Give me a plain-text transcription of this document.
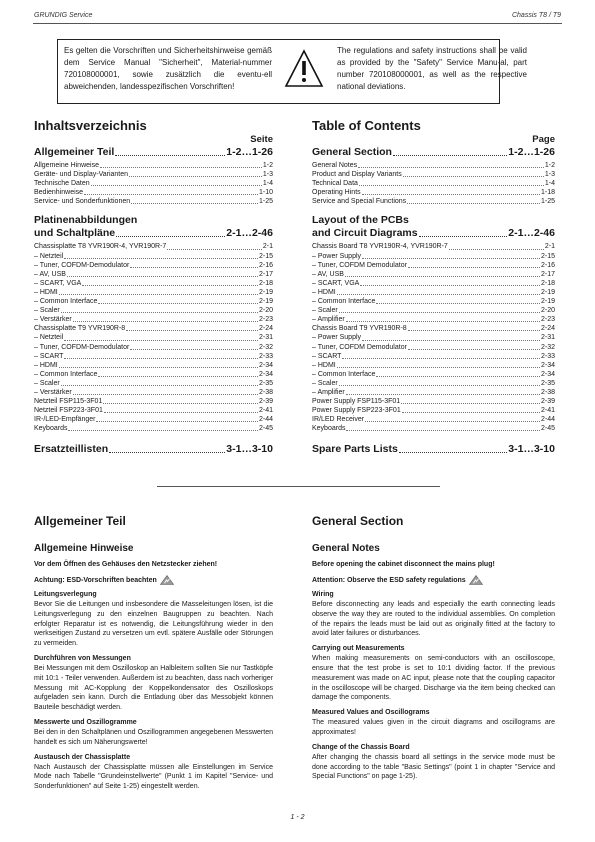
GRUNDIG Service	Chassis T8 / T9
Es gelten die Vorschriften und Sicherheitshinweise gemäß dem Service Manual "Sicherheit", Material-nummer 720108000001, sowie zusätzlich die eventu-ell abweichenden, landesspezifischen Vorschriften!
The regulations and safety instructions shall be valid as provided by the "Safety" Service Manu-al, part number 720108000001, as well as the respective national deviations.
Inhaltsverzeichnis
Seite
Allgemeiner Teil	1-2…1-26
Allgemeine Hinweise	1-2
Geräte- und Display-Varianten	1-3
Technische Daten	1-4
Bedienhinweise	1-10
Service- und Sonderfunktionen	1-25
Platinenabbildungen
und Schaltpläne	2-1…2-46
Chassisplatte T8 YVR190R-4, YVR190R-7	2-1
– Netzteil	2-15
– Tuner, COFDM-Demodulator	2-16
– AV, USB	2-17
– SCART, VGA	2-18
– HDMI	2-19
– Common Interface	2-19
– Scaler	2-20
– Verstärker	2-23
Chassisplatte T9 YVR190R-8	2-24
– Netzteil	2-31
– Tuner, COFDM-Demodulator	2-32
– SCART	2-33
– HDMI	2-34
– Common Interface	2-34
– Scaler	2-35
– Verstärker	2-38
Netzteil FSP115-3F01	2-39
Netzteil FSP223-3F01	2-41
IR-/LED-Empfänger	2-44
Keyboards	2-45
Ersatzteillisten	3-1…3-10
Table of Contents
Page
General Section	1-2…1-26
General Notes	1-2
Product and Display Variants	1-3
Technical Data	1-4
Operating Hints	1-18
Service and Special Functions	1-25
Layout of the PCBs
and Circuit Diagrams	2-1…2-46
Chassis Board T8 YVR190R-4, YVR190R-7	2-1
– Power Supply	2-15
– Tuner, COFDM Demodulator	2-16
– AV, USB	2-17
– SCART, VGA	2-18
– HDMI	2-19
– Common Interface	2-19
– Scaler	2-20
– Amplifier	2-23
Chassis Board T9 YVR190R-8	2-24
– Power Supply	2-31
– Tuner, COFDM Demodulator	2-32
– SCART	2-33
– HDMI	2-34
– Common Interface	2-34
– Scaler	2-35
– Amplifier	2-38
Power Supply FSP115-3F01	2-39
Power Supply FSP223-3F01	2-41
IR/LED Receiver	2-44
Keyboards	2-45
Spare Parts Lists	3-1…3-10
Allgemeiner Teil
Allgemeine Hinweise
Vor dem Öffnen des Gehäuses den Netzstecker ziehen!
Achtung: ESD-Vorschriften beachten
Leitungsverlegung

Bevor Sie die Leitungen und insbesondere die Masseleitungen lösen, ist die Leitungsverlegung zu den einzelnen Baugruppen zu beachten. Nach erfolgter Reparatur ist es notwendig, die Leitungsführung wieder in den werkseitigen Zustand zu versetzen um evtl. spätere Ausfälle oder Störungen zu vermeiden.

Durchführen von Messungen

Bei Messungen mit dem Oszilloskop an Halbleitern sollten Sie nur Tastköpfe mit 10:1 - Teiler verwenden. Außerdem ist zu beachten, dass nach vorheriger Messung mit AC-Kopplung der Koppelkondensator des Oszilloskops aufgeladen sein kann. Durch die Entladung über das Messobjekt können Bauteile beschädigt werden.

Messwerte und Oszillogramme

Bei den in den Schaltplänen und Oszillogrammen angegebenen Messwerten handelt es sich um Näherungswerte!

Austausch der Chassisplatte

Nach Austausch der Chassisplatte müssen alle Einstellungen im Service Mode nach Tabelle "Grundeinstellwerte" (Punkt 1 im Kapitel "Service- und Sonderfunktionen" auf Seite 1-25) eingestellt werden.

General Section
General Notes
Before opening the cabinet disconnect the mains plug!
Attention: Observe the ESD safety regulations
Wiring

Before disconnecting any leads and especially the earth connecting leads observe the way they are routed to the individual assemblies. On completion of the repairs the leads must be laid out as originally fitted at the factory to avoid later failures or disturbances.

Carrying out Measurements

When making measurements on semi-conductors with an oscilloscope, ensure that the test probe is set to 10:1 dividing factor. If the previous measurement was made on AC input, please note that the coupling capacitor in the oscilloscope will be charged. Discharge via the item being checked can damage the components.

Measured Values and Oscillograms

The measured values given in the circuit diagrams and oscillograms are approximates!

Change of the Chassis Board

After changing the chassis board all settings in the service mode must be done according to the table "Basic Settings" (point 1 in chapter "Service and Special Functions" on page 1-25).

1 - 2
